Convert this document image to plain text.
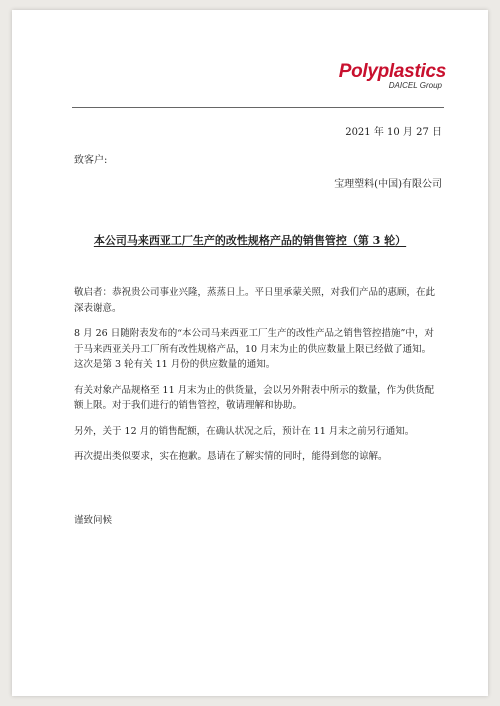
Polyplastics
DAICEL Group
2021 年 10 月 27 日
致客户:
宝理塑料(中国)有限公司
本公司马来西亚工厂生产的改性规格产品的销售管控（第 3 轮）

敬启者：恭祝贵公司事业兴隆，蒸蒸日上。平日里承蒙关照，对我们产品的惠顾，在此深表谢意。

8 月 26 日随附表发布的“本公司马来西亚工厂生产的改性产品之销售管控措施”中，对于马来西亚关丹工厂所有改性规格产品，10 月末为止的供应数量上限已经做了通知。这次是第 3 轮有关 11 月份的供应数量的通知。

有关对象产品规格至 11 月末为止的供货量，会以另外附表中所示的数量，作为供货配额上限。对于我们进行的销售管控，敬请理解和协助。

另外，关于 12 月的销售配额，在确认状况之后，预计在 11 月末之前另行通知。

再次提出类似要求，实在抱歉。恳请在了解实情的同时，能得到您的谅解。

谨致问候
